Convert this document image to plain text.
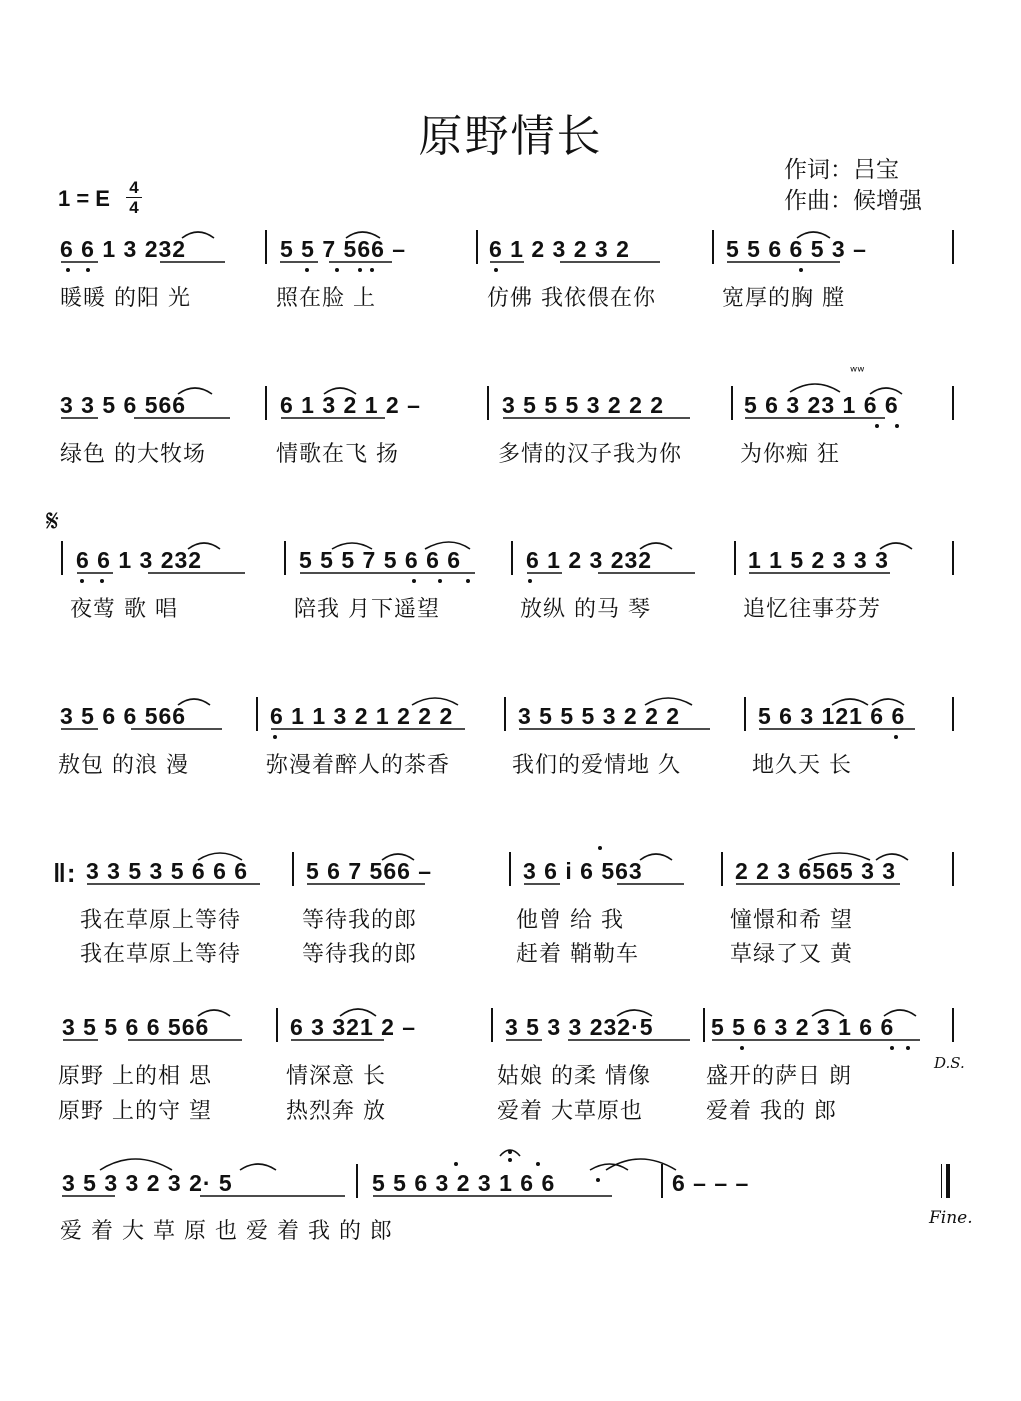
原野情长
作词：吕宝
作曲：候增强
1 = E 4
4
6 6 1 3 232	5 5 7 566 –	6 1 2 3 2 3 2	5 5 6 6 5 3 –
暖暖 的阳 光	照在脸 上	仿佛 我依偎在你	宽厚的胸 膛
3 3 5 6 566	6 1 3 2 1 2 –	3 5 5 5 3 2 2 2	5 6 3 23 1 6 6
绿色 的大牧场	情歌在飞 扬	多情的汉子我为你	为你痴 狂
ʷʷ
𝄋
6 6 1 3 232	5 5 5 7 5 6 6 6	6 1 2 3 232	1 1 5 2 3 3 3
夜莺 歌 唱	陪我 月下遥望	放纵 的马 琴	追忆往事芬芳
3 5 6 6 566	6 1 1 3 2 1 2 2 2	3 5 5 5 3 2 2 2	5 6 3 121 6 6
敖包 的浪 漫	弥漫着醉人的茶香	我们的爱情地 久	地久天 长
‖: 3 3 5 3 5 6 6 6	5 6 7 566 –	3 6 i 6 563	2 2 3 6565 3 3
我在草原上等待	等待我的郎	他曾 给 我	憧憬和希 望
我在草原上等待	等待我的郎	赶着 鞘勒车	草绿了又 黄
3 5 5 6 6 566	6 3 321 2 –	3 5 3 3 232·5 5 5 6 3 2 3 1 6 6
原野 上的相 思	情深意 长	姑娘 的柔 情像	盛开的萨日 朗
原野 上的守 望	热烈奔 放	爱着 大草原也	爱着 我的 郎
D.S.
3 5 3 3 2 3 2· 5	5 5 6 3 2 3 1 6 6	6 – – –
爱 着 大 草 原 也 爱 着 我 的 郎
Fine.
